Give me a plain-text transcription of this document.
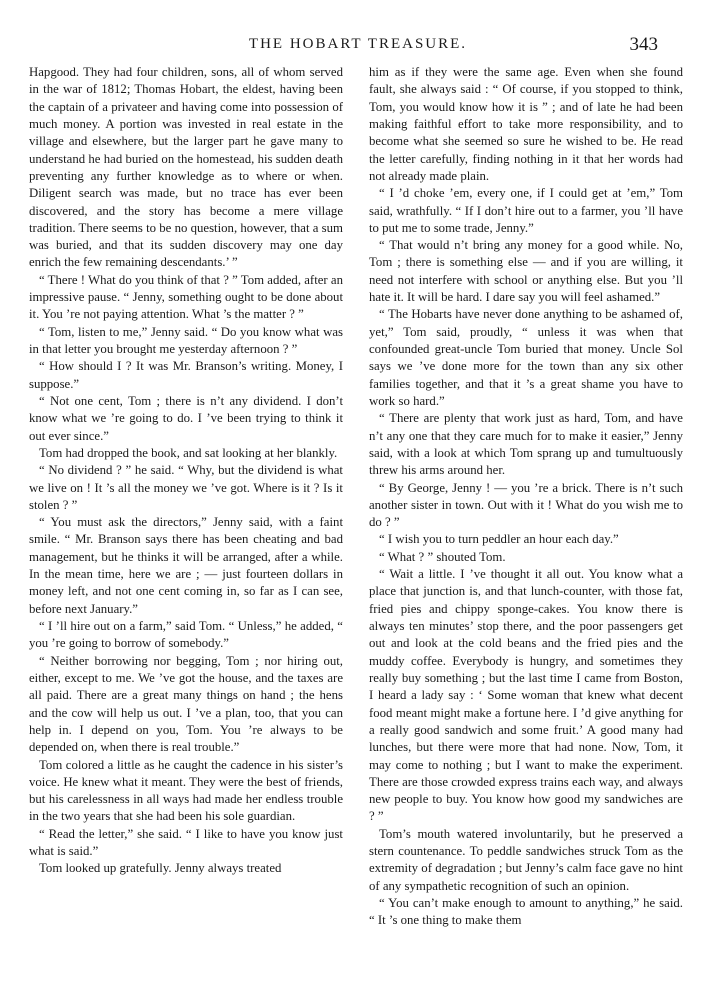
THE HOBART TREASURE.	343

Hapgood. They had four children, sons, all of whom served in the war of 1812; Thomas Hobart, the eldest, having been the captain of a privateer and having come into possession of much money. A portion was invested in real estate in the village and elsewhere, but the larger part he gave many to understand he had buried on the homestead, his sudden death preventing any further knowledge as to where or when. Diligent search was made, but no trace has ever been discovered, and the story has become a mere village tradition. There seems to be no question, however, that a sum was buried, and that its sudden discovery may one day enrich the few remaining descendants.’ ”

“ There ! What do you think of that ? ” Tom added, after an impressive pause. “ Jenny, something ought to be done about it. You ’re not paying attention. What ’s the matter ? ”

“ Tom, listen to me,” Jenny said. “ Do you know what was in that letter you brought me yesterday afternoon ? ”

“ How should I ? It was Mr. Branson’s writing. Money, I suppose.”

“ Not one cent, Tom ; there is n’t any dividend. I don’t know what we ’re going to do. I ’ve been trying to think it out ever since.”

Tom had dropped the book, and sat looking at her blankly.

“ No dividend ? ” he said. “ Why, but the dividend is what we live on ! It ’s all the money we ’ve got. Where is it ? Is it stolen ? ”

“ You must ask the directors,” Jenny said, with a faint smile. “ Mr. Branson says there has been cheating and bad management, but he thinks it will be arranged, after a while. In the mean time, here we are ; — just fourteen dollars in money left, and not one cent coming in, so far as I can see, before next January.”

“ I ’ll hire out on a farm,” said Tom. “ Unless,” he added, “ you ’re going to borrow of somebody.”

“ Neither borrowing nor begging, Tom ; nor hiring out, either, except to me. We ’ve got the house, and the taxes are all paid. There are a great many things on hand ; the hens and the cow will help us out. I ’ve a plan, too, that you can help in. I depend on you, Tom. You ’re always to be depended on, when there is real trouble.”

Tom colored a little as he caught the cadence in his sister’s voice. He knew what it meant. They were the best of friends, but his carelessness in all ways had made her endless trouble in the two years that she had been his sole guardian.

“ Read the letter,” she said. “ I like to have you know just what is said.”

Tom looked up gratefully. Jenny always treated

him as if they were the same age. Even when she found fault, she always said : “ Of course, if you stopped to think, Tom, you would know how it is ” ; and of late he had been making faithful effort to take more responsibility, and to become what she seemed so sure he wished to be. He read the letter carefully, finding nothing in it that her words had not already made plain.

“ I ’d choke ’em, every one, if I could get at ’em,” Tom said, wrathfully. “ If I don’t hire out to a farmer, you ’ll have to put me to some trade, Jenny.”

“ That would n’t bring any money for a good while. No, Tom ; there is something else — and if you are willing, it need not interfere with school or anything else. But you ’ll hate it. It will be hard. I dare say you will feel ashamed.”

“ The Hobarts have never done anything to be ashamed of, yet,” Tom said, proudly, “ unless it was when that confounded great-uncle Tom buried that money. Uncle Sol says we ’ve done more for the town than any six other families together, and that it ’s a great shame you have to work so hard.”

“ There are plenty that work just as hard, Tom, and have n’t any one that they care much for to make it easier,” Jenny said, with a look at which Tom sprang up and tumultuously threw his arms around her.

“ By George, Jenny ! — you ’re a brick. There is n’t such another sister in town. Out with it ! What do you wish me to do ? ”

“ I wish you to turn peddler an hour each day.”

“ What ? ” shouted Tom.

“ Wait a little. I ’ve thought it all out. You know what a place that junction is, and that lunch-counter, with those fat, fried pies and chippy sponge-cakes. You know there is always ten minutes’ stop there, and the poor passengers get out and look at the cold beans and the fried pies and the muddy coffee. Everybody is hungry, and sometimes they really buy something ; but the last time I came from Boston, I heard a lady say : ‘ Some woman that knew what decent food meant might make a fortune here. I ’d give anything for a really good sandwich and some fruit.’ A good many had lunches, but there were more that had none. Now, Tom, it may come to nothing ; but I want to make the experiment. There are those crowded express trains each way, and always new people to buy. You know how good my sandwiches are ? ”

Tom’s mouth watered involuntarily, but he preserved a stern countenance. To peddle sandwiches struck Tom as the extremity of degradation ; but Jenny’s calm face gave no hint of any sympathetic recognition of such an opinion.

“ You can’t make enough to amount to anything,” he said. “ It ’s one thing to make them
